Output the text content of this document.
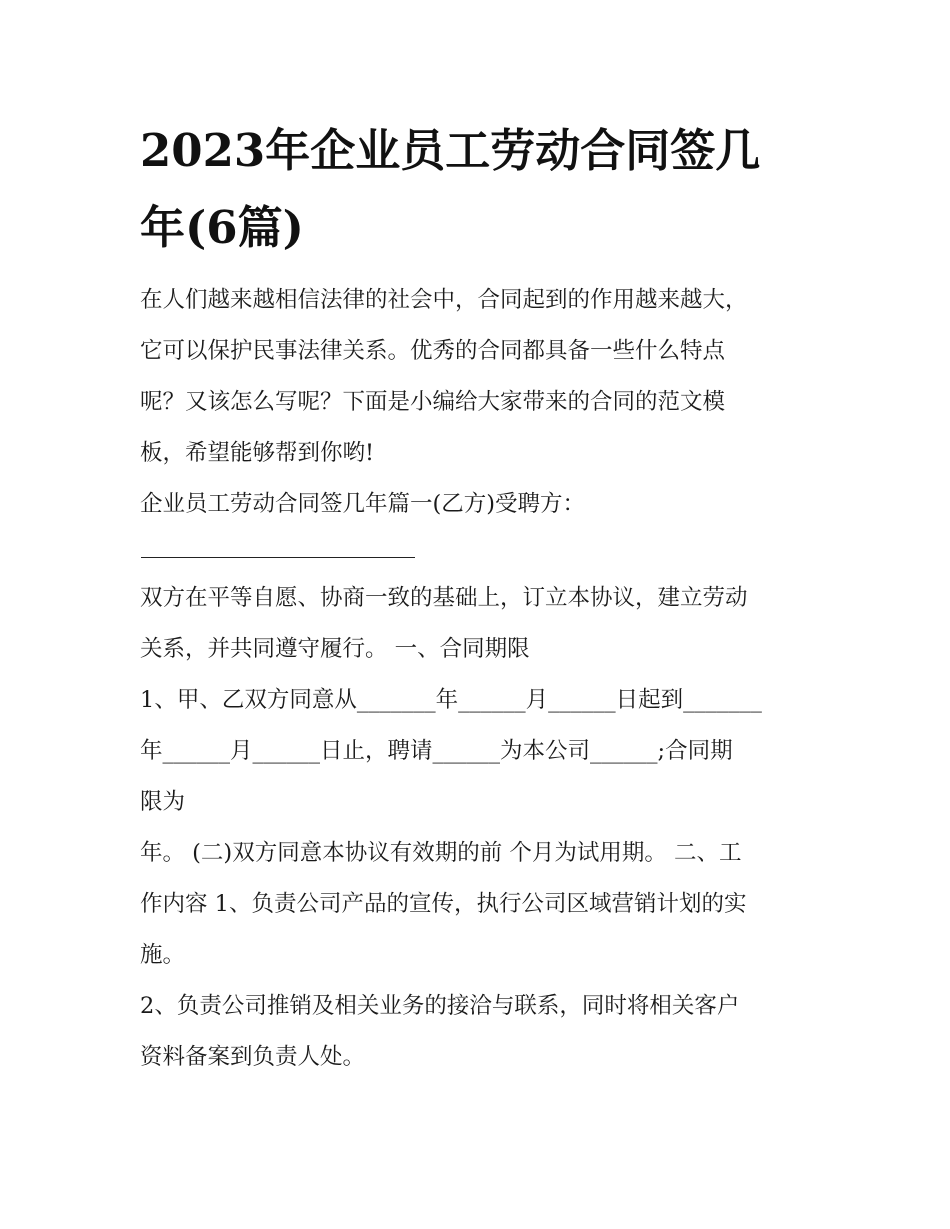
2023年企业员工劳动合同签几
年(6篇)
在人们越来越相信法律的社会中，合同起到的作用越来越大，
它可以保护民事法律关系。优秀的合同都具备一些什么特点
呢？又该怎么写呢？下面是小编给大家带来的合同的范文模
板，希望能够帮到你哟!
企业员工劳动合同签几年篇一(乙方)受聘方：
双方在平等自愿、协商一致的基础上，订立本协议，建立劳动
关系，并共同遵守履行。 一、合同期限
1、甲、乙双方同意从_______年______月______日起到_______
年______月______日止，聘请______为本公司______;合同期
限为
年。 (二)双方同意本协议有效期的前 个月为试用期。 二、工
作内容 1、负责公司产品的宣传，执行公司区域营销计划的实
施。
2、负责公司推销及相关业务的接洽与联系，同时将相关客户
资料备案到负责人处。
